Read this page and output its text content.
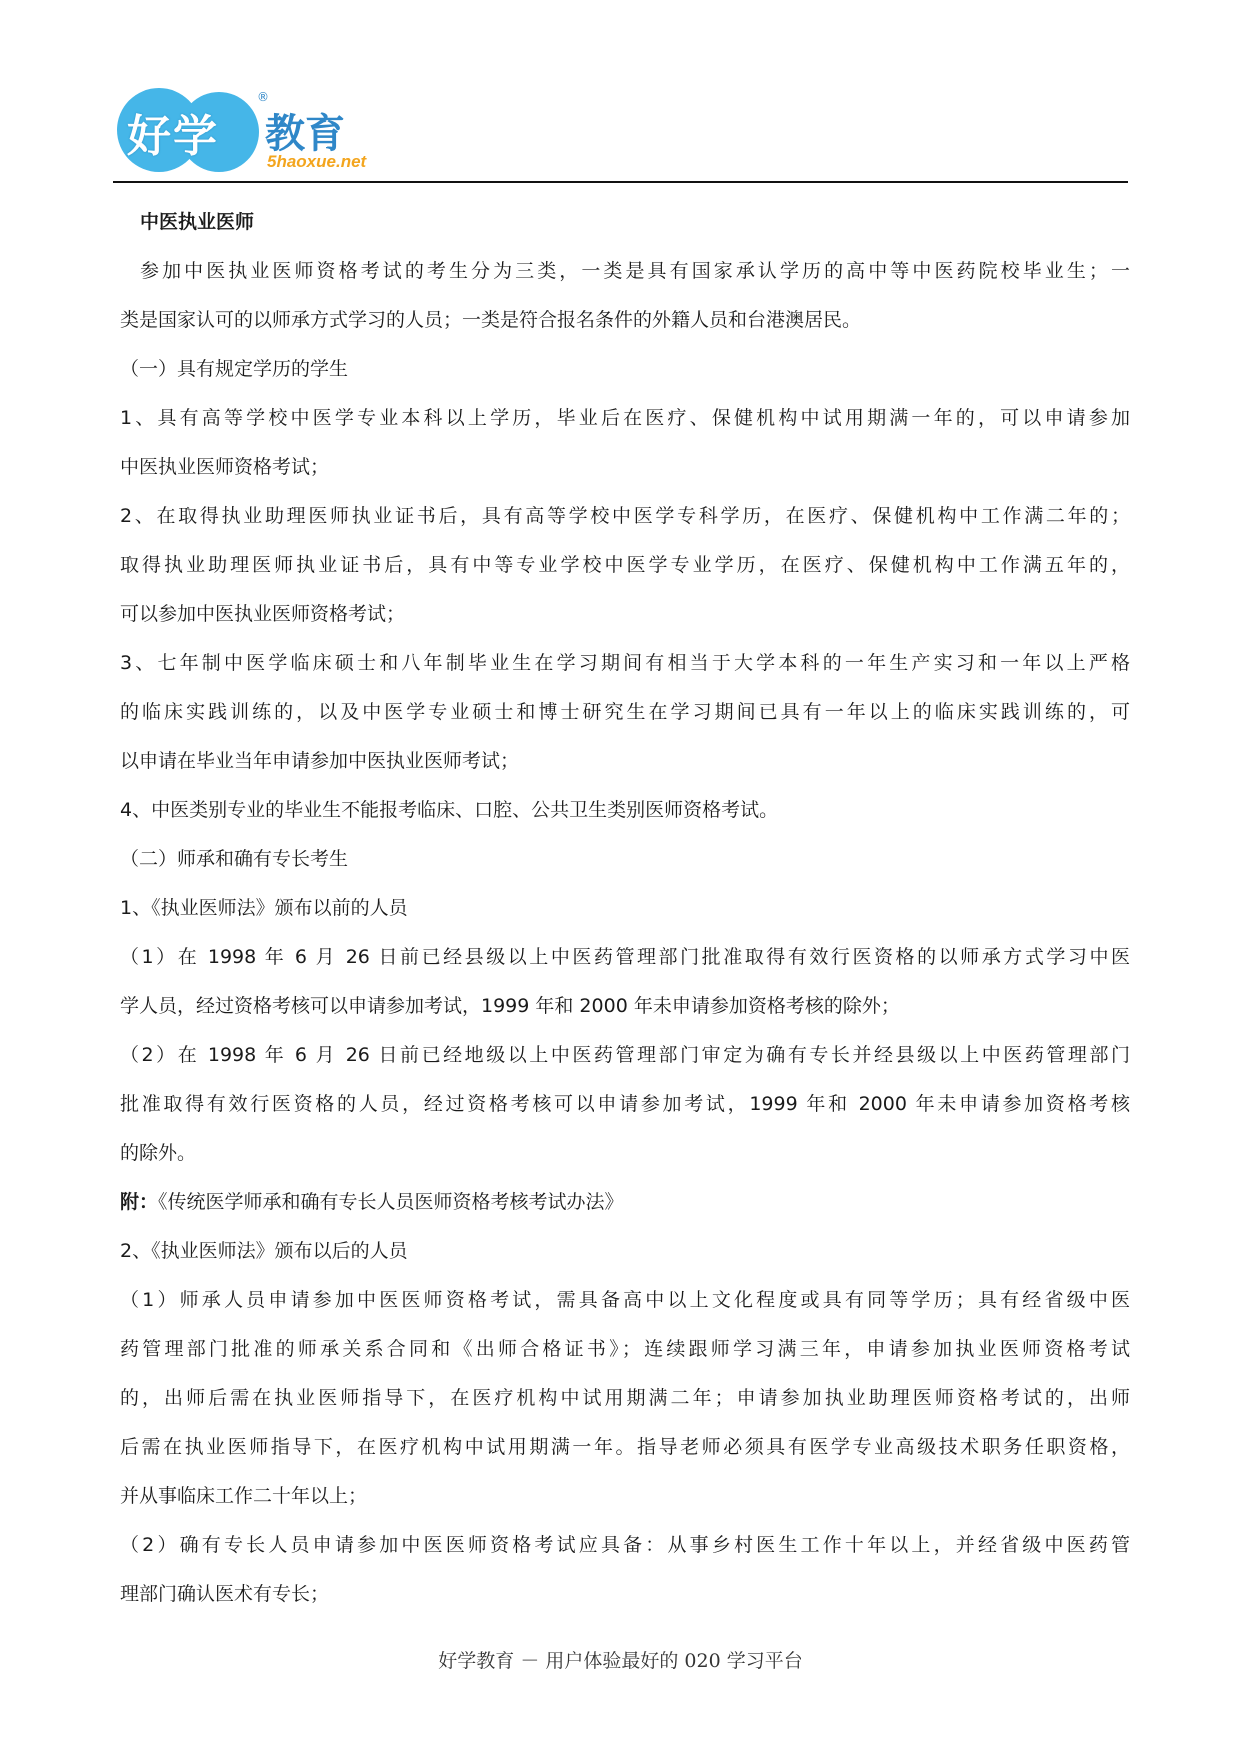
好学
®
教育
5haoxue.net
中医执业医师
参加中医执业医师资格考试的考生分为三类，一类是具有国家承认学历的高中等中医药院校毕业生；一
类是国家认可的以师承方式学习的人员；一类是符合报名条件的外籍人员和台港澳居民。
（一）具有规定学历的学生
1、具有高等学校中医学专业本科以上学历，毕业后在医疗、保健机构中试用期满一年的，可以申请参加
中医执业医师资格考试；
2、在取得执业助理医师执业证书后，具有高等学校中医学专科学历，在医疗、保健机构中工作满二年的；
取得执业助理医师执业证书后，具有中等专业学校中医学专业学历，在医疗、保健机构中工作满五年的，
可以参加中医执业医师资格考试；
3、七年制中医学临床硕士和八年制毕业生在学习期间有相当于大学本科的一年生产实习和一年以上严格
的临床实践训练的，以及中医学专业硕士和博士研究生在学习期间已具有一年以上的临床实践训练的，可
以申请在毕业当年申请参加中医执业医师考试；
4、中医类别专业的毕业生不能报考临床、口腔、公共卫生类别医师资格考试。
（二）师承和确有专长考生
1、《执业医师法》颁布以前的人员
（1）在 1998 年 6 月 26 日前已经县级以上中医药管理部门批准取得有效行医资格的以师承方式学习中医
学人员，经过资格考核可以申请参加考试，1999 年和 2000 年未申请参加资格考核的除外；
（2）在 1998 年 6 月 26 日前已经地级以上中医药管理部门审定为确有专长并经县级以上中医药管理部门
批准取得有效行医资格的人员，经过资格考核可以申请参加考试，1999 年和 2000 年未申请参加资格考核
的除外。
附：《传统医学师承和确有专长人员医师资格考核考试办法》
2、《执业医师法》颁布以后的人员
（1）师承人员申请参加中医医师资格考试，需具备高中以上文化程度或具有同等学历；具有经省级中医
药管理部门批准的师承关系合同和《出师合格证书》；连续跟师学习满三年，申请参加执业医师资格考试
的，出师后需在执业医师指导下，在医疗机构中试用期满二年；申请参加执业助理医师资格考试的，出师
后需在执业医师指导下，在医疗机构中试用期满一年。指导老师必须具有医学专业高级技术职务任职资格，
并从事临床工作二十年以上；
（2）确有专长人员申请参加中医医师资格考试应具备：从事乡村医生工作十年以上，并经省级中医药管
理部门确认医术有专长；
好学教育 － 用户体验最好的 020 学习平台
